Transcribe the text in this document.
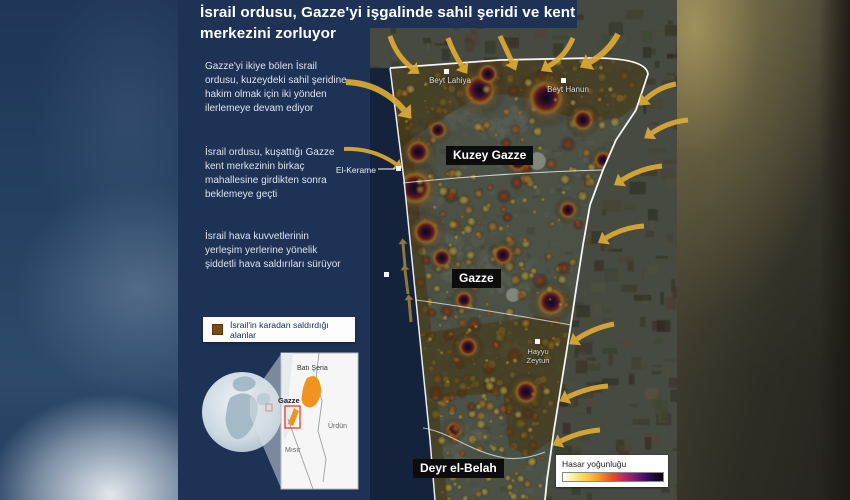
İsrail ordusu, Gazze'yi işgalinde sahil şeridi ve kent merkezini zorluyor
Gazze'yi ikiye bölen İsrail ordusu, kuzeydeki sahil şeridine hakim olmak için iki yönden ilerlemeye devam ediyor
İsrail ordusu, kuşattığı Gazze kent merkezinin birkaç mahallesine girdikten sonra beklemeye geçti
İsrail hava kuvvetlerinin yerleşim yerlerine yönelik şiddetli hava saldırıları sürüyor
İsrail'in karadan saldırdığı alanlar
Batı Şeria
Gazze
Ürdün
Mısır
Beyt Lahiya
Beyt Hanun
Kuzey Gazze
El-Kerame
Gazze
Hayyu
Zeytun
Deyr el-Belah	Hasar yoğunluğu
